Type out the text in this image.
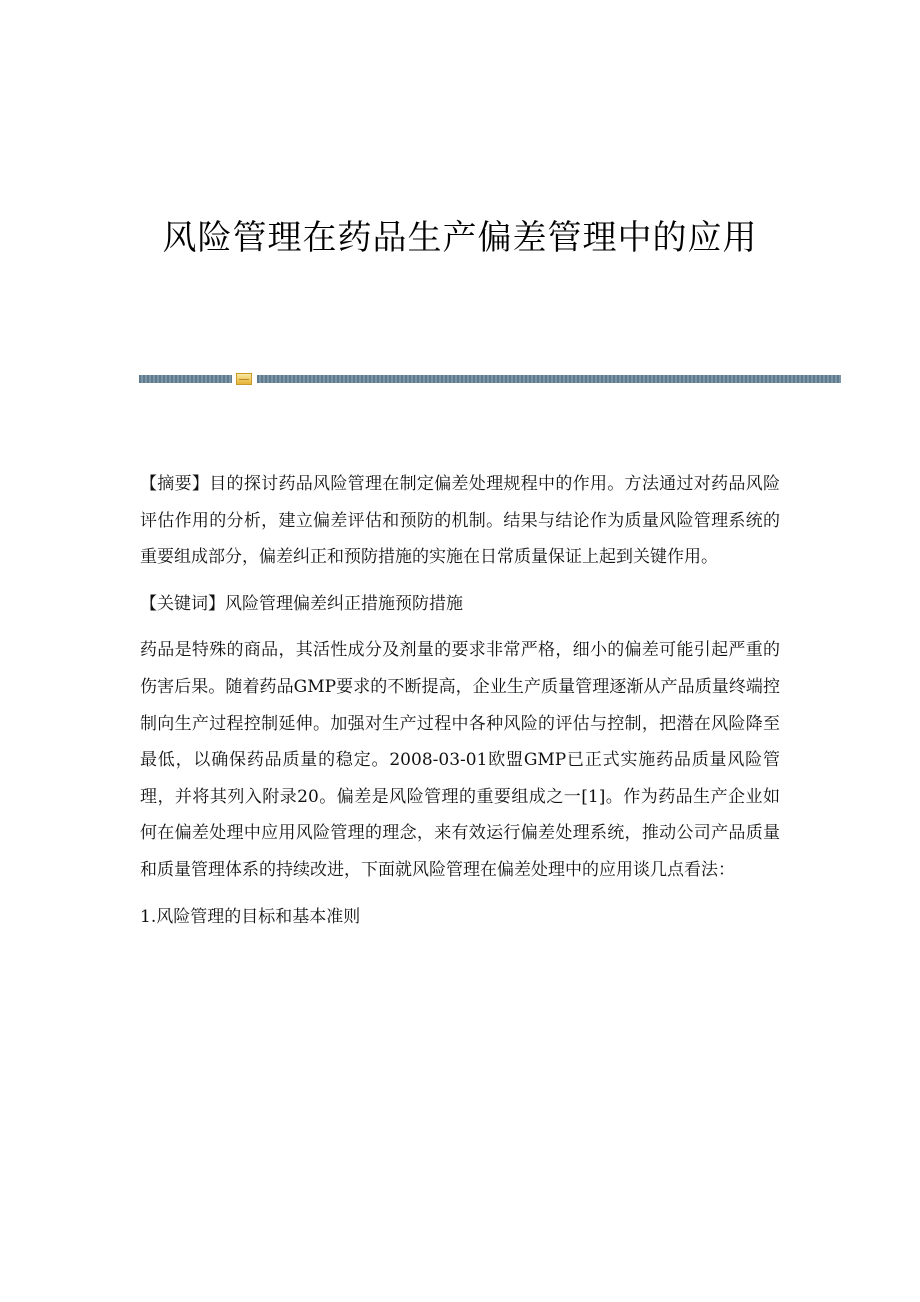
风险管理在药品生产偏差管理中的应用

【摘要】目的探讨药品风险管理在制定偏差处理规程中的作用。方法通过对药品风险评估作用的分析，建立偏差评估和预防的机制。结果与结论作为质量风险管理系统的重要组成部分，偏差纠正和预防措施的实施在日常质量保证上起到关键作用。

【关键词】风险管理偏差纠正措施预防措施

药品是特殊的商品，其活性成分及剂量的要求非常严格，细小的偏差可能引起严重的伤害后果。随着药品GMP要求的不断提高，企业生产质量管理逐渐从产品质量终端控制向生产过程控制延伸。加强对生产过程中各种风险的评估与控制，把潜在风险降至最低，以确保药品质量的稳定。2008-03-01欧盟GMP已正式实施药品质量风险管理，并将其列入附录20。偏差是风险管理的重要组成之一[1]。作为药品生产企业如何在偏差处理中应用风险管理的理念，来有效运行偏差处理系统，推动公司产品质量和质量管理体系的持续改进，下面就风险管理在偏差处理中的应用谈几点看法：

1.风险管理的目标和基本准则
